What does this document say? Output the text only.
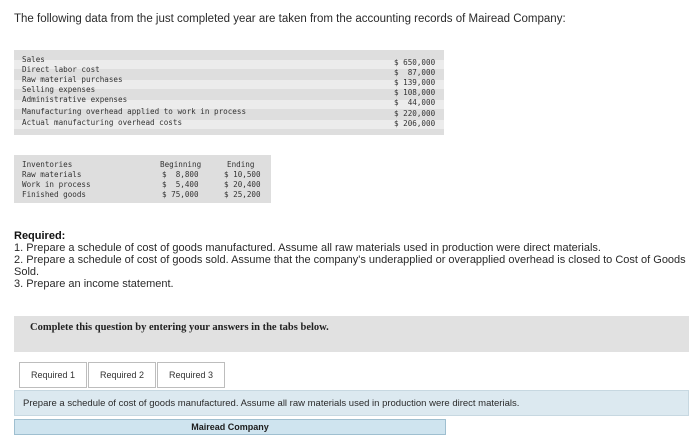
The following data from the just completed year are taken from the accounting records of Mairead Company:
Sales	$ 650,000
Direct labor cost	$  87,000
Raw material purchases	$ 139,000
Selling expenses	$ 108,000
Administrative expenses	$  44,000
Manufacturing overhead applied to work in process	$ 220,000
Actual manufacturing overhead costs	$ 206,000
Inventories	Beginning	Ending
Raw materials	$  8,800	$ 10,500
Work in process	$  5,400	$ 20,400
Finished goods	$ 75,000	$ 25,200
Required:
1. Prepare a schedule of cost of goods manufactured. Assume all raw materials used in production were direct materials.
2. Prepare a schedule of cost of goods sold. Assume that the company's underapplied or overapplied overhead is closed to Cost of Goods Sold.
3. Prepare an income statement.
Complete this question by entering your answers in the tabs below.
Required 1	Required 2	Required 3
Prepare a schedule of cost of goods manufactured. Assume all raw materials used in production were direct materials.
Mairead Company
